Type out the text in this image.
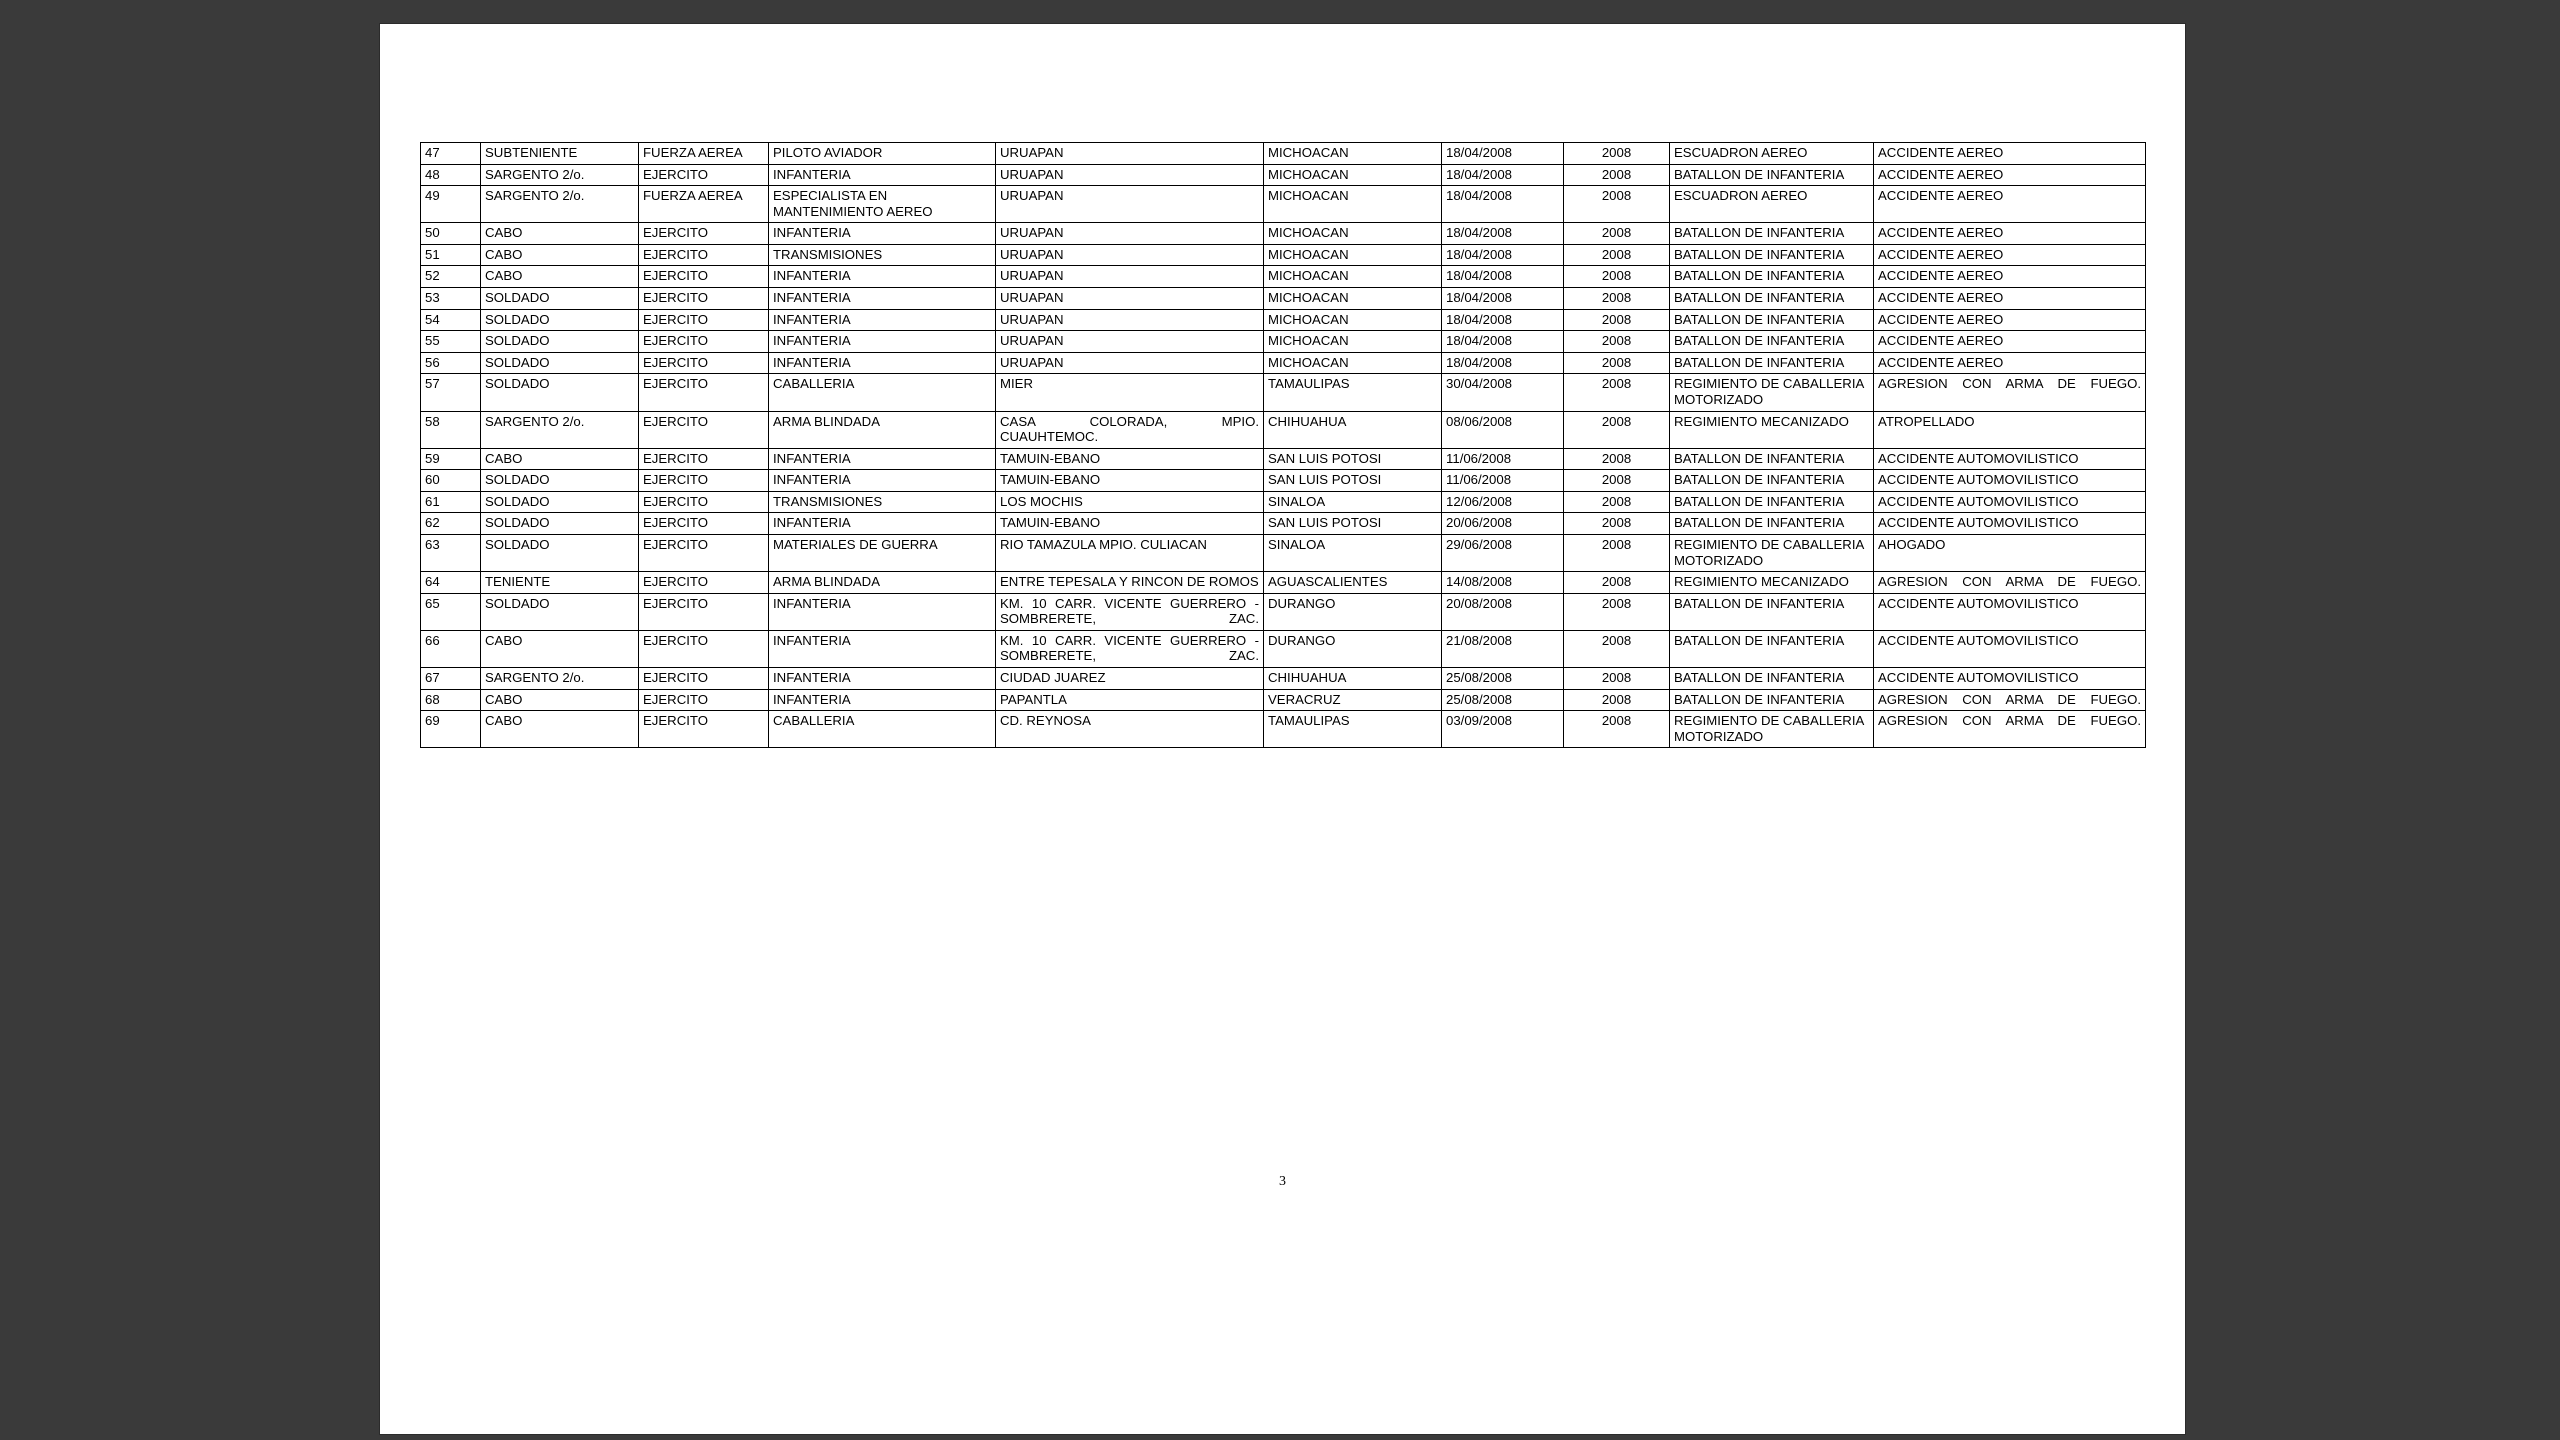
47	SUBTENIENTE	FUERZA AEREA	PILOTO AVIADOR	URUAPAN	MICHOACAN	18/04/2008	2008	ESCUADRON AEREO	ACCIDENTE AEREO
48	SARGENTO 2/o.	EJERCITO	INFANTERIA	URUAPAN	MICHOACAN	18/04/2008	2008	BATALLON DE INFANTERIA	ACCIDENTE AEREO
49	SARGENTO 2/o.	FUERZA AEREA	ESPECIALISTA EN MANTENIMIENTO AEREO	URUAPAN	MICHOACAN	18/04/2008	2008	ESCUADRON AEREO	ACCIDENTE AEREO
50	CABO	EJERCITO	INFANTERIA	URUAPAN	MICHOACAN	18/04/2008	2008	BATALLON DE INFANTERIA	ACCIDENTE AEREO
51	CABO	EJERCITO	TRANSMISIONES	URUAPAN	MICHOACAN	18/04/2008	2008	BATALLON DE INFANTERIA	ACCIDENTE AEREO
52	CABO	EJERCITO	INFANTERIA	URUAPAN	MICHOACAN	18/04/2008	2008	BATALLON DE INFANTERIA	ACCIDENTE AEREO
53	SOLDADO	EJERCITO	INFANTERIA	URUAPAN	MICHOACAN	18/04/2008	2008	BATALLON DE INFANTERIA	ACCIDENTE AEREO
54	SOLDADO	EJERCITO	INFANTERIA	URUAPAN	MICHOACAN	18/04/2008	2008	BATALLON DE INFANTERIA	ACCIDENTE AEREO
55	SOLDADO	EJERCITO	INFANTERIA	URUAPAN	MICHOACAN	18/04/2008	2008	BATALLON DE INFANTERIA	ACCIDENTE AEREO
56	SOLDADO	EJERCITO	INFANTERIA	URUAPAN	MICHOACAN	18/04/2008	2008	BATALLON DE INFANTERIA	ACCIDENTE AEREO
57	SOLDADO	EJERCITO	CABALLERIA	MIER	TAMAULIPAS	30/04/2008	2008	REGIMIENTO DE CABALLERIA MOTORIZADO	AGRESION CON ARMA DE FUEGO.
58	SARGENTO 2/o.	EJERCITO	ARMA BLINDADA	CASA COLORADA, MPIO. CUAUHTEMOC.	CHIHUAHUA	08/06/2008	2008	REGIMIENTO MECANIZADO	ATROPELLADO
59	CABO	EJERCITO	INFANTERIA	TAMUIN-EBANO	SAN LUIS POTOSI	11/06/2008	2008	BATALLON DE INFANTERIA	ACCIDENTE AUTOMOVILISTICO
60	SOLDADO	EJERCITO	INFANTERIA	TAMUIN-EBANO	SAN LUIS POTOSI	11/06/2008	2008	BATALLON DE INFANTERIA	ACCIDENTE AUTOMOVILISTICO
61	SOLDADO	EJERCITO	TRANSMISIONES	LOS MOCHIS	SINALOA	12/06/2008	2008	BATALLON DE INFANTERIA	ACCIDENTE AUTOMOVILISTICO
62	SOLDADO	EJERCITO	INFANTERIA	TAMUIN-EBANO	SAN LUIS POTOSI	20/06/2008	2008	BATALLON DE INFANTERIA	ACCIDENTE AUTOMOVILISTICO
63	SOLDADO	EJERCITO	MATERIALES DE GUERRA	RIO TAMAZULA MPIO. CULIACAN	SINALOA	29/06/2008	2008	REGIMIENTO DE CABALLERIA MOTORIZADO	AHOGADO
64	TENIENTE	EJERCITO	ARMA BLINDADA	ENTRE TEPESALA Y RINCON DE ROMOS	AGUASCALIENTES	14/08/2008	2008	REGIMIENTO MECANIZADO	AGRESION CON ARMA DE FUEGO.
65	SOLDADO	EJERCITO	INFANTERIA	KM. 10 CARR. VICENTE GUERRERO - SOMBRERETE, ZAC.	DURANGO	20/08/2008	2008	BATALLON DE INFANTERIA	ACCIDENTE AUTOMOVILISTICO
66	CABO	EJERCITO	INFANTERIA	KM. 10 CARR. VICENTE GUERRERO - SOMBRERETE, ZAC.	DURANGO	21/08/2008	2008	BATALLON DE INFANTERIA	ACCIDENTE AUTOMOVILISTICO
67	SARGENTO 2/o.	EJERCITO	INFANTERIA	CIUDAD JUAREZ	CHIHUAHUA	25/08/2008	2008	BATALLON DE INFANTERIA	ACCIDENTE AUTOMOVILISTICO
68	CABO	EJERCITO	INFANTERIA	PAPANTLA	VERACRUZ	25/08/2008	2008	BATALLON DE INFANTERIA	AGRESION CON ARMA DE FUEGO.
69	CABO	EJERCITO	CABALLERIA	CD. REYNOSA	TAMAULIPAS	03/09/2008	2008	REGIMIENTO DE CABALLERIA MOTORIZADO	AGRESION CON ARMA DE FUEGO.
3
